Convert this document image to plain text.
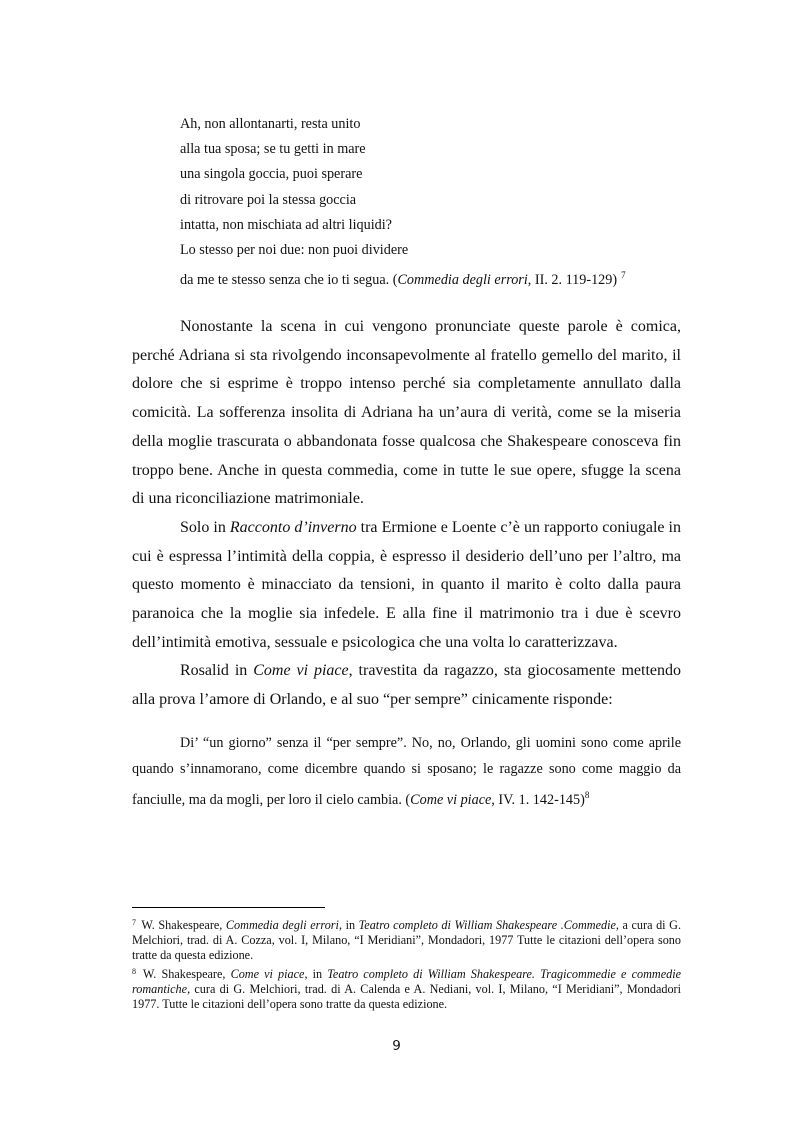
Ah, non allontanarti, resta unito
alla tua sposa; se tu getti in mare
una singola goccia, puoi sperare
di ritrovare poi la stessa goccia
intatta, non mischiata ad altri liquidi?
Lo stesso per noi due: non puoi dividere
da me te stesso senza che io ti segua. (Commedia degli errori, II. 2. 119-129) $^7$

Nonostante la scena in cui vengono pronunciate queste parole è comica, perché Adriana si sta rivolgendo inconsapevolmente al fratello gemello del marito, il dolore che si esprime è troppo intenso perché sia completamente annullato dalla comicità. La sofferenza insolita di Adriana ha un’aura di verità, come se la miseria della moglie trascurata o abbandonata fosse qualcosa che Shakespeare conosceva fin troppo bene. Anche in questa commedia, come in tutte le sue opere, sfugge la scena di una riconciliazione matrimoniale.

Solo in Racconto d’inverno tra Ermione e Loente c’è un rapporto coniugale in cui è espressa l’intimità della coppia, è espresso il desiderio dell’uno per l’altro, ma questo momento è minacciato da tensioni, in quanto il marito è colto dalla paura paranoica che la moglie sia infedele. E alla fine il matrimonio tra i due è scevro dell’intimità emotiva, sessuale e psicologica che una volta lo caratterizzava.

Rosalid in Come vi piace, travestita da ragazzo, sta giocosamente mettendo alla prova l’amore di Orlando, e al suo “per sempre” cinicamente risponde:

Di’ “un giorno” senza il “per sempre”. No, no, Orlando, gli uomini sono come aprile quando s’innamorano, come dicembre quando si sposano; le ragazze sono come maggio da fanciulle, ma da mogli, per loro il cielo cambia. (Come vi piace, IV. 1. 142-145)$^8$

$^7$ W. Shakespeare, Commedia degli errori, in Teatro completo di William Shakespeare .Commedie, a cura di G. Melchiori, trad. di A. Cozza, vol. I, Milano, “I Meridiani”, Mondadori, 1977 Tutte le citazioni dell’opera sono tratte da questa edizione.

$^8$ W. Shakespeare, Come vi piace, in Teatro completo di William Shakespeare. Tragicommedie e commedie romantiche, cura di G. Melchiori, trad. di A. Calenda e A. Nediani, vol. I, Milano, “I Meridiani”, Mondadori 1977. Tutte le citazioni dell’opera sono tratte da questa edizione.

9
